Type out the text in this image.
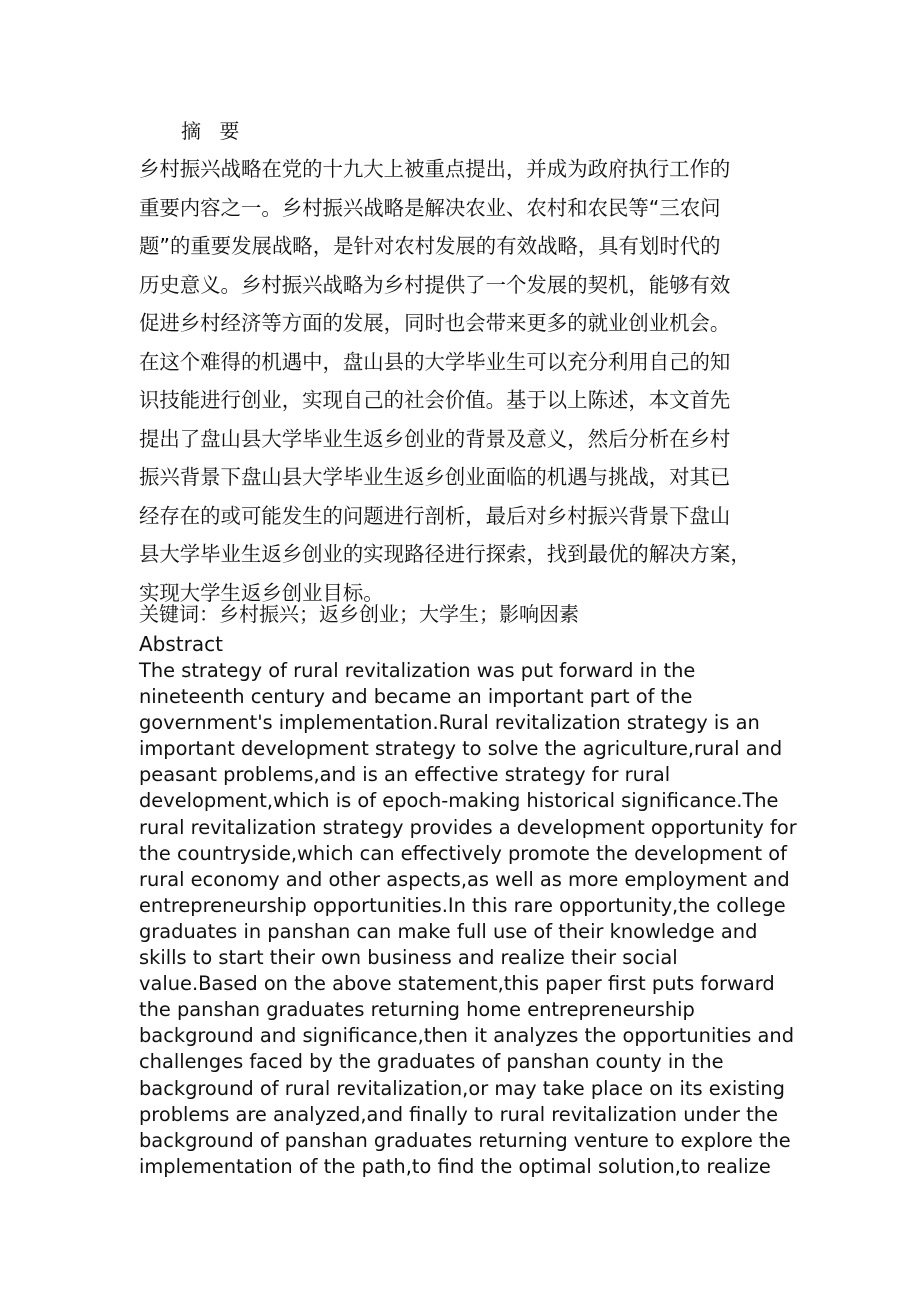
摘 要
乡村振兴战略在党的十九大上被重点提出，并成为政府执行工作的
重要内容之一。乡村振兴战略是解决农业、农村和农民等“三农问
题”的重要发展战略，是针对农村发展的有效战略，具有划时代的
历史意义。乡村振兴战略为乡村提供了一个发展的契机，能够有效
促进乡村经济等方面的发展，同时也会带来更多的就业创业机会。
在这个难得的机遇中，盘山县的大学毕业生可以充分利用自己的知
识技能进行创业，实现自己的社会价值。基于以上陈述，本文首先
提出了盘山县大学毕业生返乡创业的背景及意义，然后分析在乡村
振兴背景下盘山县大学毕业生返乡创业面临的机遇与挑战，对其已
经存在的或可能发生的问题进行剖析，最后对乡村振兴背景下盘山
县大学毕业生返乡创业的实现路径进行探索，找到最优的解决方案，
实现大学生返乡创业目标。
关键词：乡村振兴；返乡创业；大学生；影响因素
Abstract
The strategy of rural revitalization was put forward in the
nineteenth century and became an important part of the
government's implementation.Rural revitalization strategy is an
important development strategy to solve the agriculture,rural and
peasant problems,and is an effective strategy for rural
development,which is of epoch-making historical significance.The
rural revitalization strategy provides a development opportunity for
the countryside,which can effectively promote the development of
rural economy and other aspects,as well as more employment and
entrepreneurship opportunities.In this rare opportunity,the college
graduates in panshan can make full use of their knowledge and
skills to start their own business and realize their social
value.Based on the above statement,this paper first puts forward
the panshan graduates returning home entrepreneurship
background and significance,then it analyzes the opportunities and
challenges faced by the graduates of panshan county in the
background of rural revitalization,or may take place on its existing
problems are analyzed,and finally to rural revitalization under the
background of panshan graduates returning venture to explore the
implementation of the path,to find the optimal solution,to realize
